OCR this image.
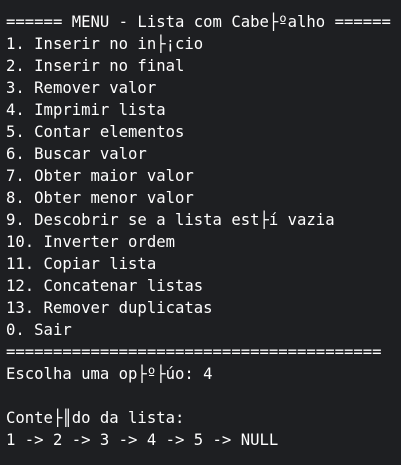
====== MENU - Lista com Cabe├ºalho ======
1. Inserir no in├¡cio
2. Inserir no final
3. Remover valor
4. Imprimir lista
5. Contar elementos
6. Buscar valor
7. Obter maior valor
8. Obter menor valor
9. Descobrir se a lista est├í vazia
10. Inverter ordem
11. Copiar lista
12. Concatenar listas
13. Remover duplicatas
0. Sair
========================================
Escolha uma op├º├úo: 4
Conte├║do da lista:
1 -> 2 -> 3 -> 4 -> 5 -> NULL
